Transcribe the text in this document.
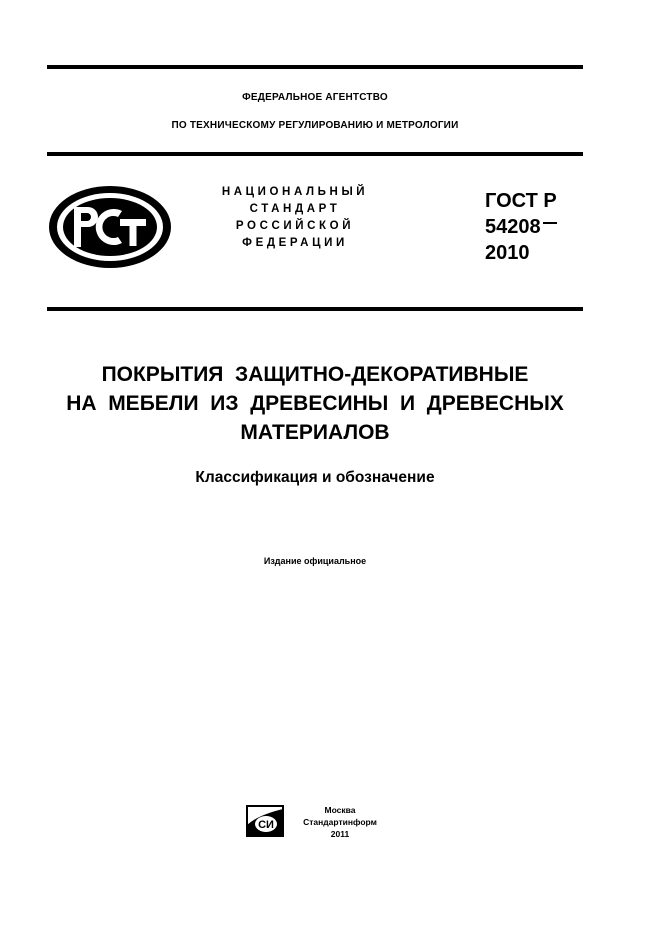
ФЕДЕРАЛЬНОЕ АГЕНТСТВО
ПО ТЕХНИЧЕСКОМУ РЕГУЛИРОВАНИЮ И МЕТРОЛОГИИ
РСТ
НАЦИОНАЛЬНЫЙ
СТАНДАРТ
РОССИЙСКОЙ
ФЕДЕРАЦИИ
ГОСТ Р
54208
2010
ПОКРЫТИЯ  ЗАЩИТНО-ДЕКОРАТИВНЫЕ
НА  МЕБЕЛИ  ИЗ  ДРЕВЕСИНЫ  И  ДРЕВЕСНЫХ
МАТЕРИАЛОВ
Классификация и обозначение
Издание официальное
СИ
Москва
Стандартинформ
2011
